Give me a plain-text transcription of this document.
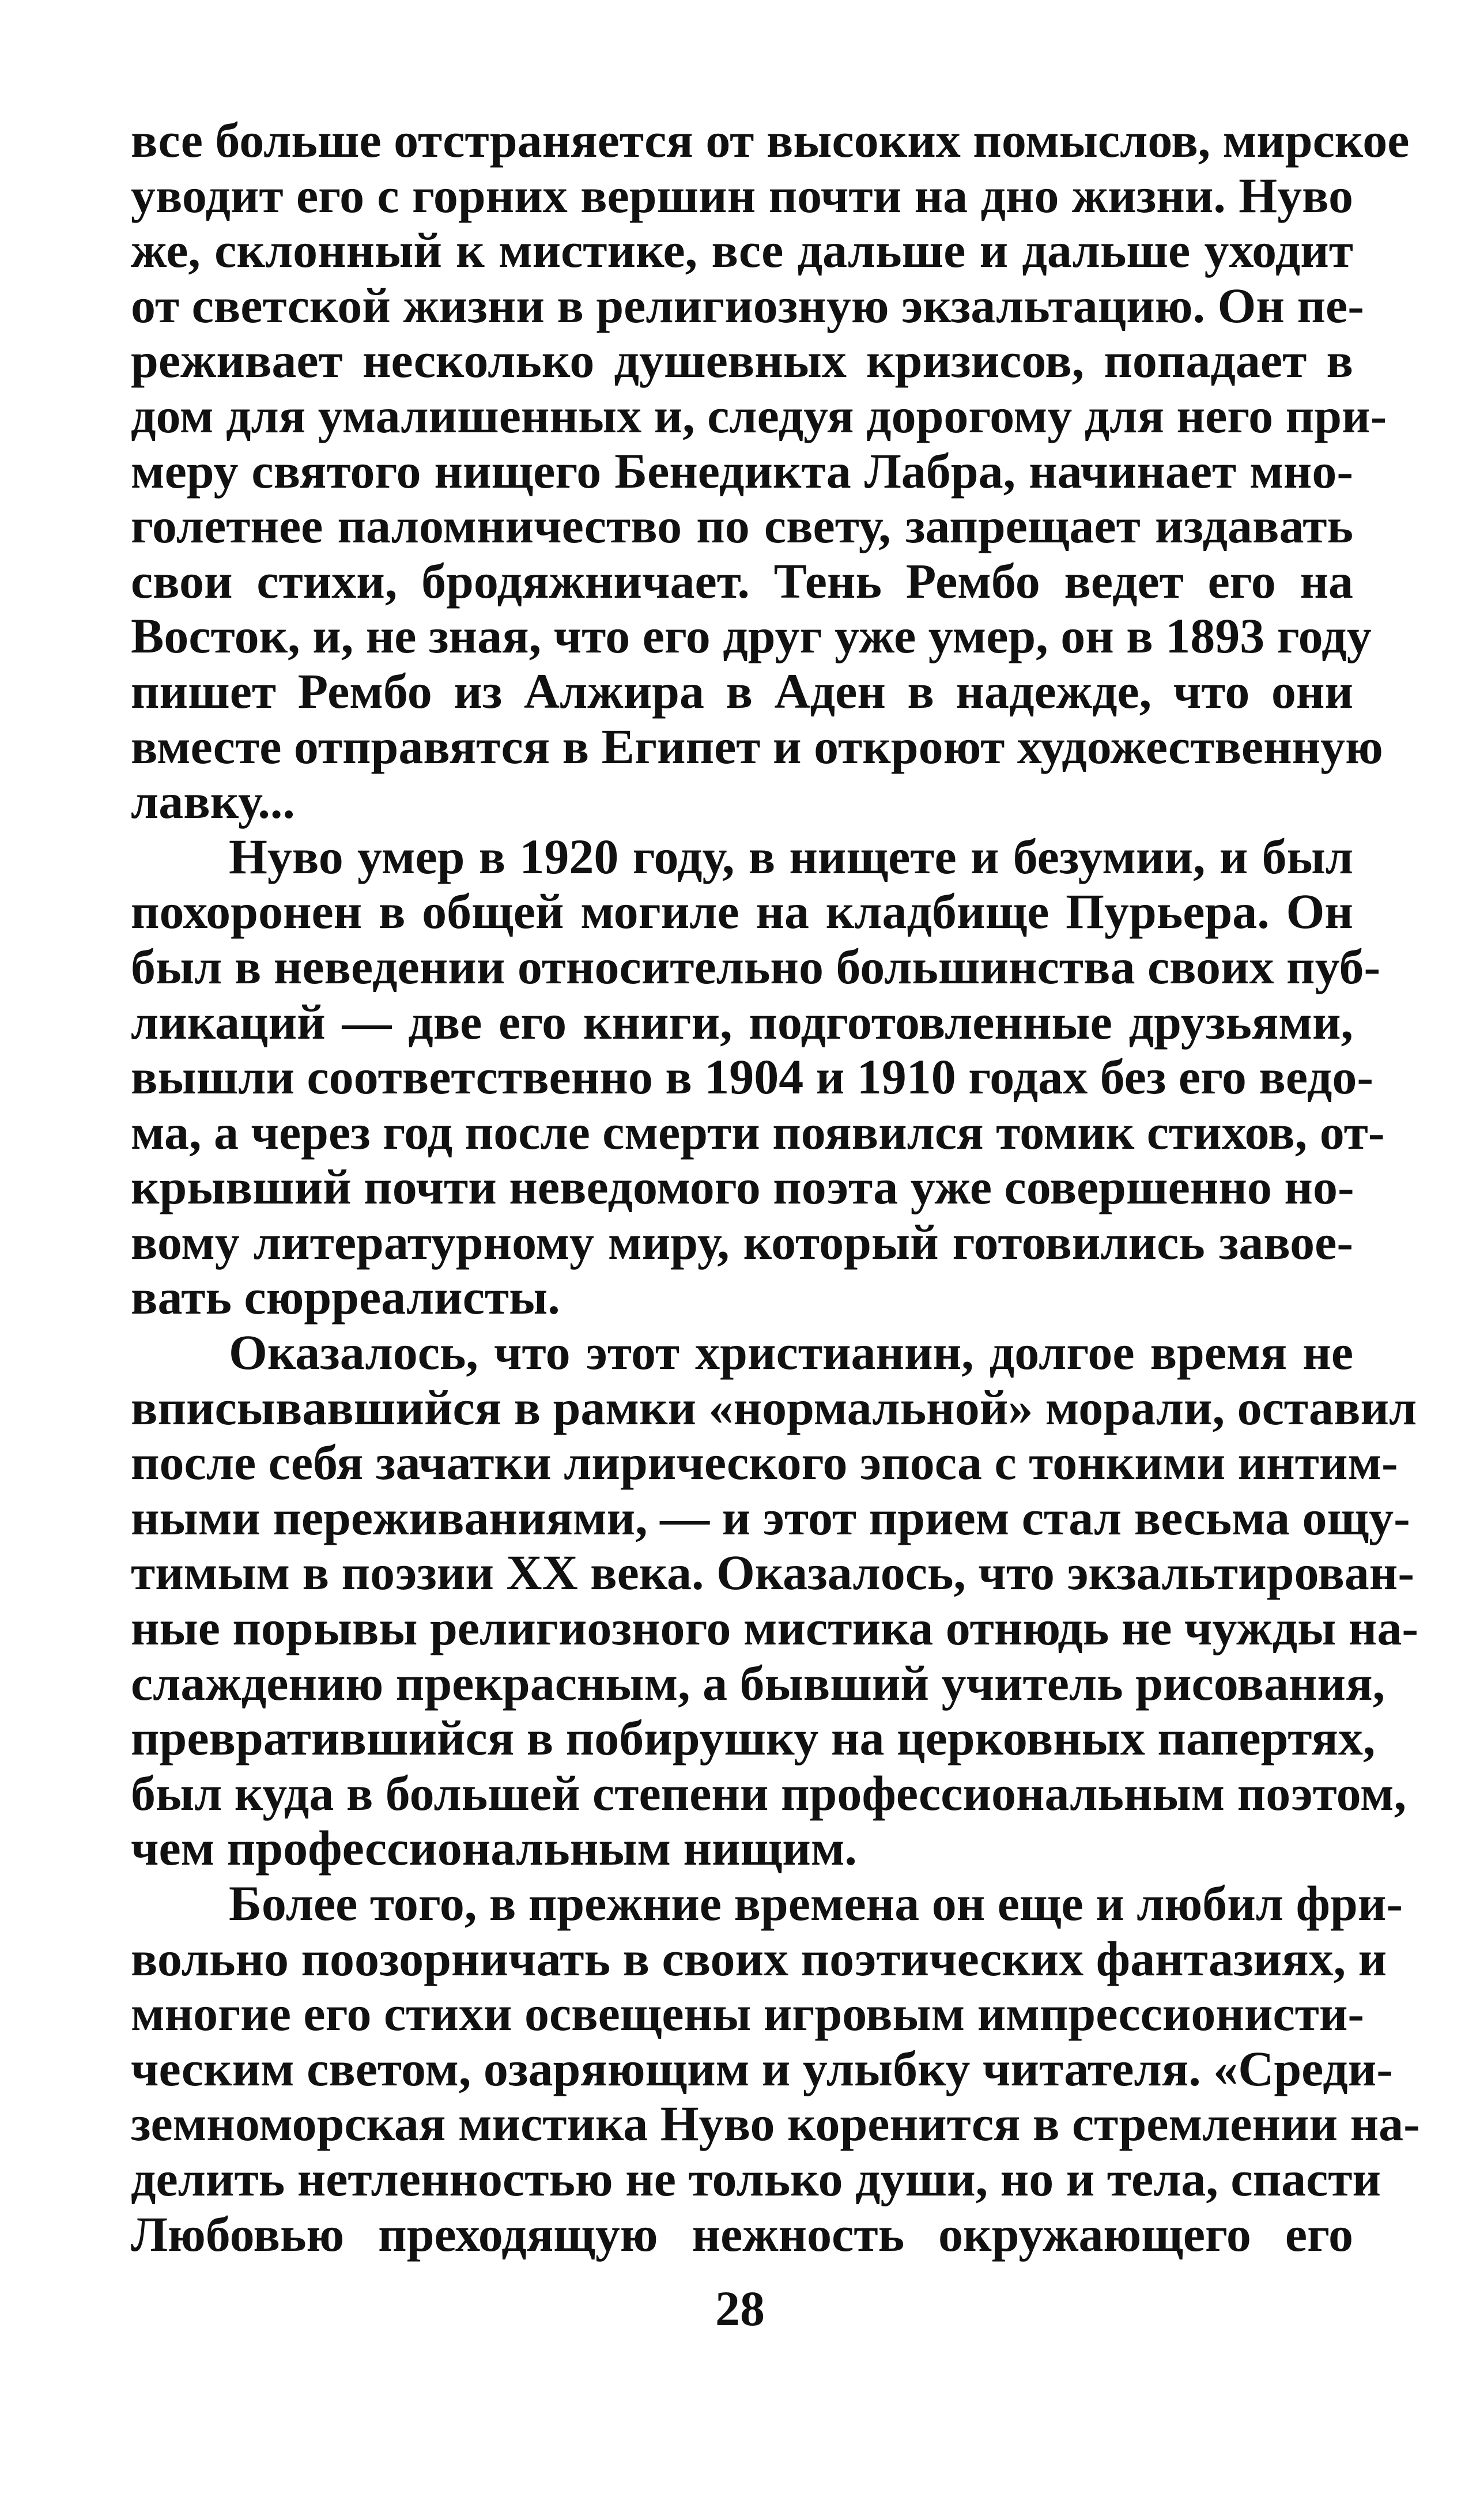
все больше отстраняется от высоких помыслов, мирское
уводит его с горних вершин почти на дно жизни. Нуво
же, склонный к мистике, все дальше и дальше уходит
от светской жизни в религиозную экзальтацию. Он пе-
реживает несколько душевных кризисов, попадает в
дом для умалишенных и, следуя дорогому для него при-
меру святого нищего Бенедикта Лабра, начинает мно-
голетнее паломничество по свету, запрещает издавать
свои стихи, бродяжничает. Тень Рембо ведет его на
Восток, и, не зная, что его друг уже умер, он в 1893 году
пишет Рембо из Алжира в Аден в надежде, что они
вместе отправятся в Египет и откроют художественную
лавку...
Нуво умер в 1920 году, в нищете и безумии, и был
похоронен в общей могиле на кладбище Пурьера. Он
был в неведении относительно большинства своих пуб-
ликаций — две его книги, подготовленные друзьями,
вышли соответственно в 1904 и 1910 годах без его ведо-
ма, а через год после смерти появился томик стихов, от-
крывший почти неведомого поэта уже совершенно но-
вому литературному миру, который готовились завое-
вать сюрреалисты.
Оказалось, что этот христианин, долгое время не
вписывавшийся в рамки «нормальной» морали, оставил
после себя зачатки лирического эпоса с тонкими интим-
ными переживаниями, — и этот прием стал весьма ощу-
тимым в поэзии XX века. Оказалось, что экзальтирован-
ные порывы религиозного мистика отнюдь не чужды на-
слаждению прекрасным, а бывший учитель рисования,
превратившийся в побирушку на церковных папертях,
был куда в большей степени профессиональным поэтом,
чем профессиональным нищим.
Более того, в прежние времена он еще и любил фри-
вольно поозорничать в своих поэтических фантазиях, и
многие его стихи освещены игровым импрессионисти-
ческим светом, озаряющим и улыбку читателя. «Среди-
земноморская мистика Нуво коренится в стремлении на-
делить нетленностью не только души, но и тела, спасти
Любовью преходящую нежность окружающего его
28
